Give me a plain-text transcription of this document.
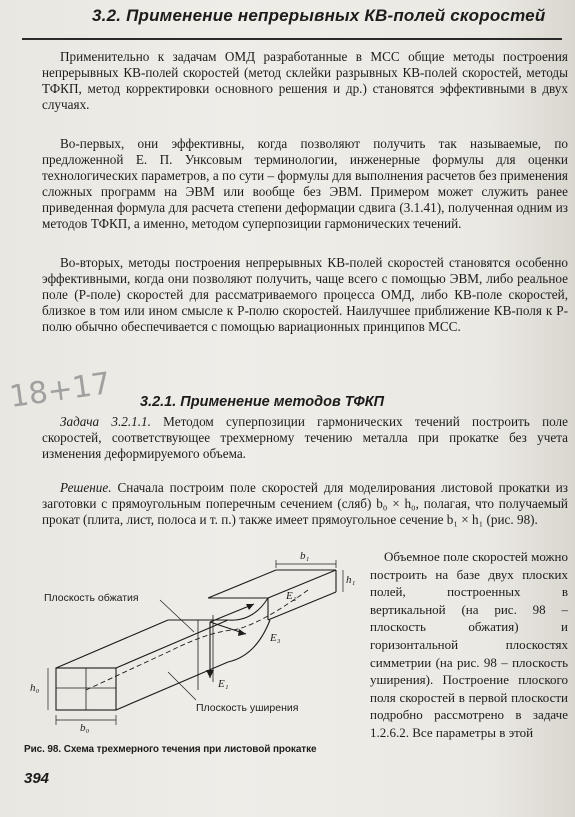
3.2. Применение непрерывных КВ-полей скоростей

Применительно к задачам ОМД разработанные в МСС общие методы построения непрерывных КВ-полей скоростей (метод склейки разрывных КВ-полей скоростей, методы ТФКП, метод корректировки основного решения и др.) становятся эффективными в двух случаях.

Во-первых, они эффективны, когда позволяют получить так называемые, по предложенной Е. П. Унксовым терминологии, инженерные формулы для оценки технологических параметров, а по сути – формулы для выполнения расчетов без применения сложных программ на ЭВМ или вообще без ЭВМ. Примером может служить ранее приведенная формула для расчета степени деформации сдвига (3.1.41), полученная одним из методов ТФКП, а именно, методом суперпозиции гармонических течений.

Во-вторых, методы построения непрерывных КВ-полей скоростей становятся особенно эффективными, когда они позволяют получить, чаще всего с помощью ЭВМ, либо реальное поле (Р-поле) скоростей для рассматриваемого процесса ОМД, либо КВ-поле скоростей, близкое в том или ином смысле к Р-полю скоростей. Наилучшее приближение КВ-поля к Р-полю обычно обеспечивается с помощью вариационных принципов МСС.

18+17 3.2.1. Применение методов ТФКП

Задача 3.2.1.1. Методом суперпозиции гармонических течений построить поле скоростей, соответствующее трехмерному течению металла при прокатке без учета изменения деформируемого объема.

Решение. Сначала построим поле скоростей для моделирования листовой прокатки из заготовки с прямоугольным поперечным сечением (сляб) b₀ × h₀, полагая, что получаемый прокат (плита, лист, полоса и т. п.) также имеет прямоугольное сечение b₁ × h₁ (рис. 98).

Объемное поле скоростей можно построить на базе двух плоских полей, построенных в вертикальной (на рис. 98 – плоскость обжатия) и горизонтальной плоскостях симметрии (на рис. 98 – плоскость уширения). Построение плоского поля скоростей в первой плоскости подробно рассмотрено в задаче 1.2.6.2. Все параметры в этой

Плоскость обжатия
Плоскость уширения
b₁
h₁
h₀
b₀
E₁
E₂
E₃
Рис. 98. Схема трехмерного течения при листовой прокатке
394
